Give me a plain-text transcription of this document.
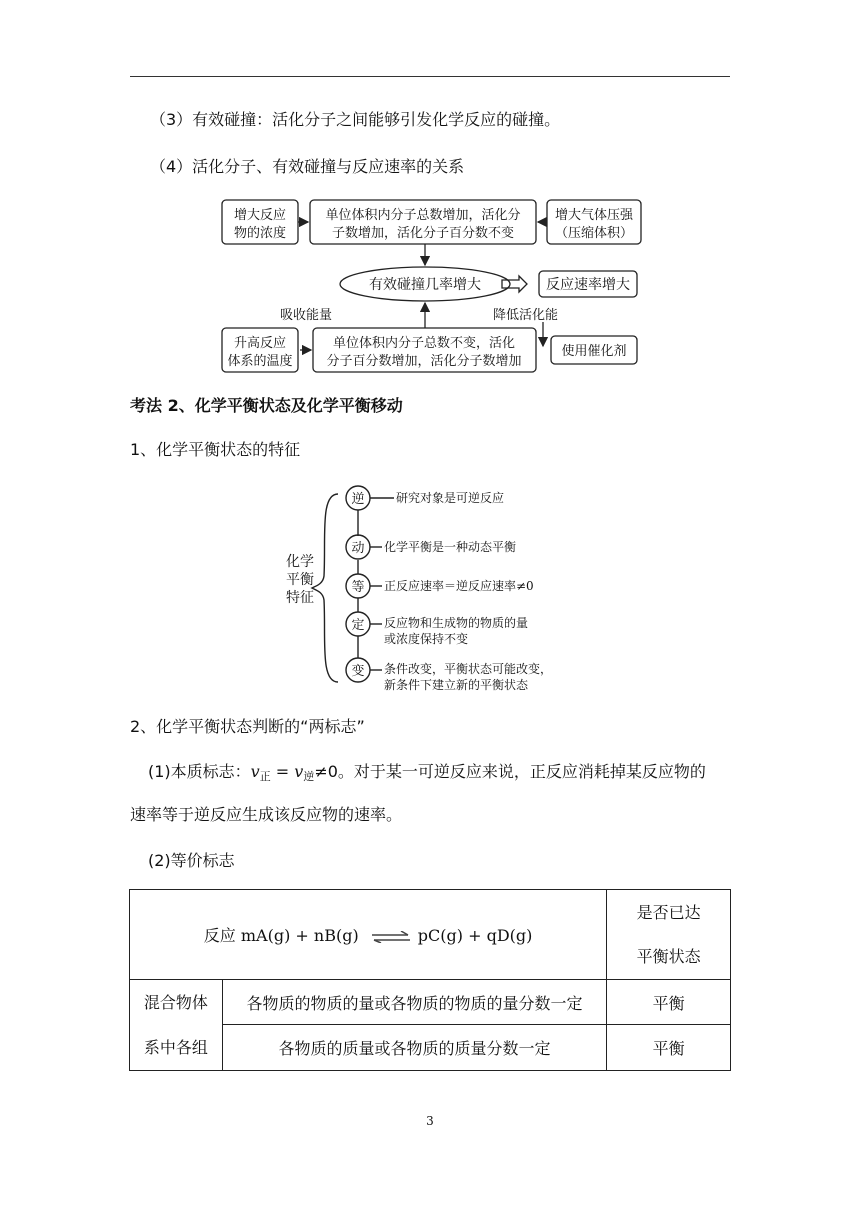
（3）有效碰撞：活化分子之间能够引发化学反应的碰撞。
（4）活化分子、有效碰撞与反应速率的关系
增大反应
物的浓度
单位体积内分子总数增加，活化分
子数增加，活化分子百分数不变
增大气体压强
（压缩体积）
有效碰撞几率增大	反应速率增大
吸收能量	降低活化能
升高反应
体系的温度
单位体积内分子总数不变，活化
分子百分数增加，活化分子数增加
使用催化剂
考法 2、化学平衡状态及化学平衡移动
1、化学平衡状态的特征
化学
平衡
特征
逆
动
等
定
变
研究对象是可逆反应
化学平衡是一种动态平衡
正反应速率＝逆反应速率≠0
反应物和生成物的物质的量
或浓度保持不变
条件改变，平衡状态可能改变，
新条件下建立新的平衡状态
2、化学平衡状态判断的“两标志”
(1)本质标志：v正 = v逆≠0。对于某一可逆反应来说，正反应消耗掉某反应物的
速率等于逆反应生成该反应物的速率。
(2)等价标志
反应 mA(g) + nB(g) ⇌ pC(g) + qD(g)		是否已达
平衡状态

混合物体
系中各组	各物质的物质的量或各物质的物质的量分数一定	平衡
	各物质的质量或各物质的质量分数一定	平衡
3
